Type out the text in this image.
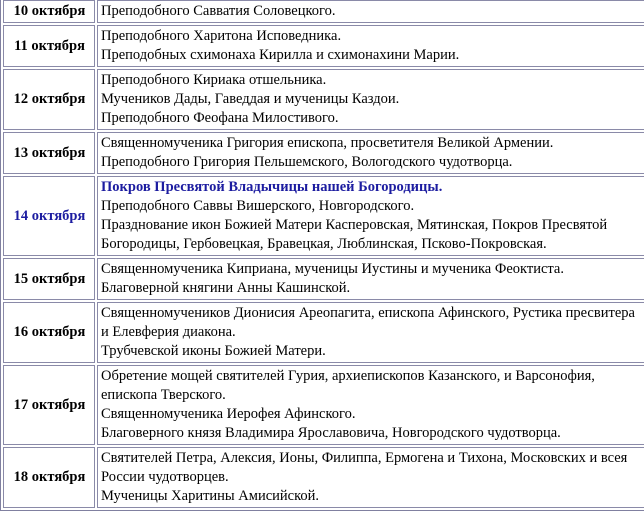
10 октября	Преподобного Савватия Соловецкого.

11 октября	Преподобного Харитона Исповедника.
Преподобных схимонаха Кирилла и схимонахини Марии.

12 октября	Преподобного Кириака отшельника.
Мучеников Дады, Гаведдая и мученицы Каздои.
Преподобного Феофана Милостивого.

13 октября	Священномученика Григория епископа, просветителя Великой Армении.
Преподобного Григория Пельшемского, Вологодского чудотворца.

14 октября	Покров Пресвятой Владычицы нашей Богородицы.
Преподобного Саввы Вишерского, Новгородского.
Празднование икон Божией Матери Касперовская, Мятинская, Покров Пресвятой Богородицы, Гербовецкая, Бравецкая, Люблинская, Псково-Покровская.

15 октября	Священномученика Киприана, мученицы Иустины и мученика Феоктиста.
Благоверной княгини Анны Кашинской.

16 октября	Священномучеников Дионисия Ареопагита, епископа Афинского, Рустика пресвитера и Елевферия диакона.
Трубчевской иконы Божией Матери.

17 октября	Обретение мощей святителей Гурия, архиепископов Казанского, и Варсонофия, епископа Тверского.
Священномученика Иерофея Афинского.
Благоверного князя Владимира Ярославовича, Новгородского чудотворца.

18 октября	Святителей Петра, Алексия, Ионы, Филиппа, Ермогена и Тихона, Московских и всея России чудотворцев.
Мученицы Харитины Амисийской.
